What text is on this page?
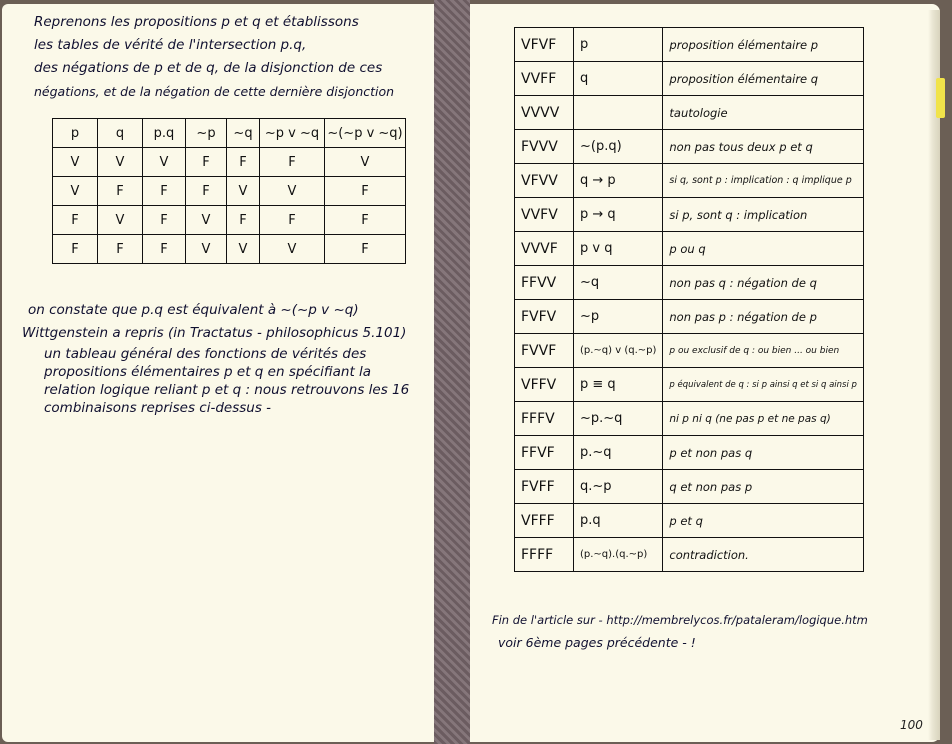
Reprenons les propositions p et q et établissons
les tables de vérité de l'intersection p.q,
des négations de p et de q, de la disjonction de ces
négations, et de la négation de cette dernière disjonction
p	q	p.q	~p	~q	~p v ~q	~(~p v ~q)
V	V	V	F	F	F	V
V	F	F	F	V	V	F
F	V	F	V	F	F	F
F	F	F	V	V	V	F
on constate que p.q est équivalent à ~(~p v ~q)
Wittgenstein a repris (in Tractatus - philosophicus 5.101)
un tableau général des fonctions de vérités des
propositions élémentaires p et q en spécifiant la
relation logique reliant p et q : nous retrouvons les 16
combinaisons reprises ci-dessus -
VFVF	p	proposition élémentaire p
VVFF	q	proposition élémentaire q
VVVV		tautologie
FVVV	~(p.q)	non pas tous deux p et q
VFVV	q → p	si q, sont p : implication : q implique p
VVFV	p → q	si p, sont q : implication
VVVF	p v q	p ou q
FFVV	~q	non pas q : négation de q
FVFV	~p	non pas p : négation de p
FVVF	(p.~q) v (q.~p)	p ou exclusif de q : ou bien ... ou bien
VFFV	p ≡ q	p équivalent de q : si p ainsi q et si q ainsi p
FFFV	~p.~q	ni p ni q (ne pas p et ne pas q)
FFVF	p.~q	p et non pas q
FVFF	q.~p	q et non pas p
VFFF	p.q	p et q
FFFF	(p.~q).(q.~p)	contradiction.
Fin de l'article sur - http://membrelycos.fr/pataleram/logique.htm
voir 6ème pages précédente - !
100
